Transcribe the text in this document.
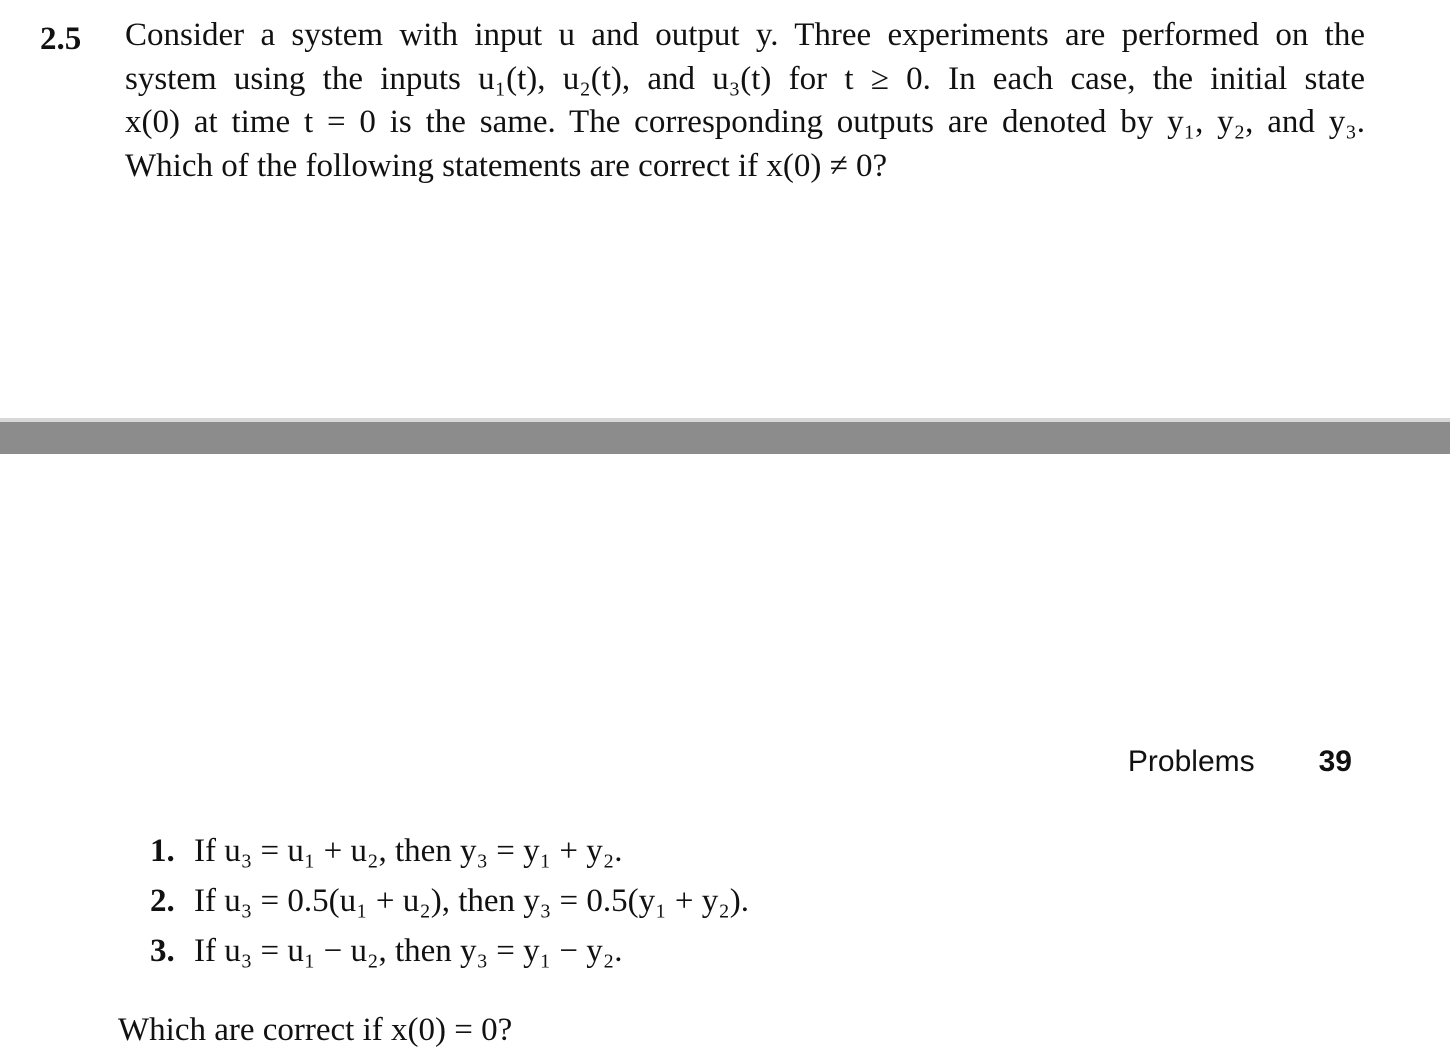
2.5 Consider a system with input u and output y. Three experiments are performed on the
system using the inputs u₁(t), u₂(t), and u₃(t) for t ≥ 0. In each case, the initial state
x(0) at time t = 0 is the same. The corresponding outputs are denoted by y₁, y₂, and y₃.
Which of the following statements are correct if x(0) ≠ 0?
Problems 39
1. If u₃ = u₁ + u₂, then y₃ = y₁ + y₂.
2. If u₃ = 0.5(u₁ + u₂), then y₃ = 0.5(y₁ + y₂).
3. If u₃ = u₁ − u₂, then y₃ = y₁ − y₂.
Which are correct if x(0) = 0?
